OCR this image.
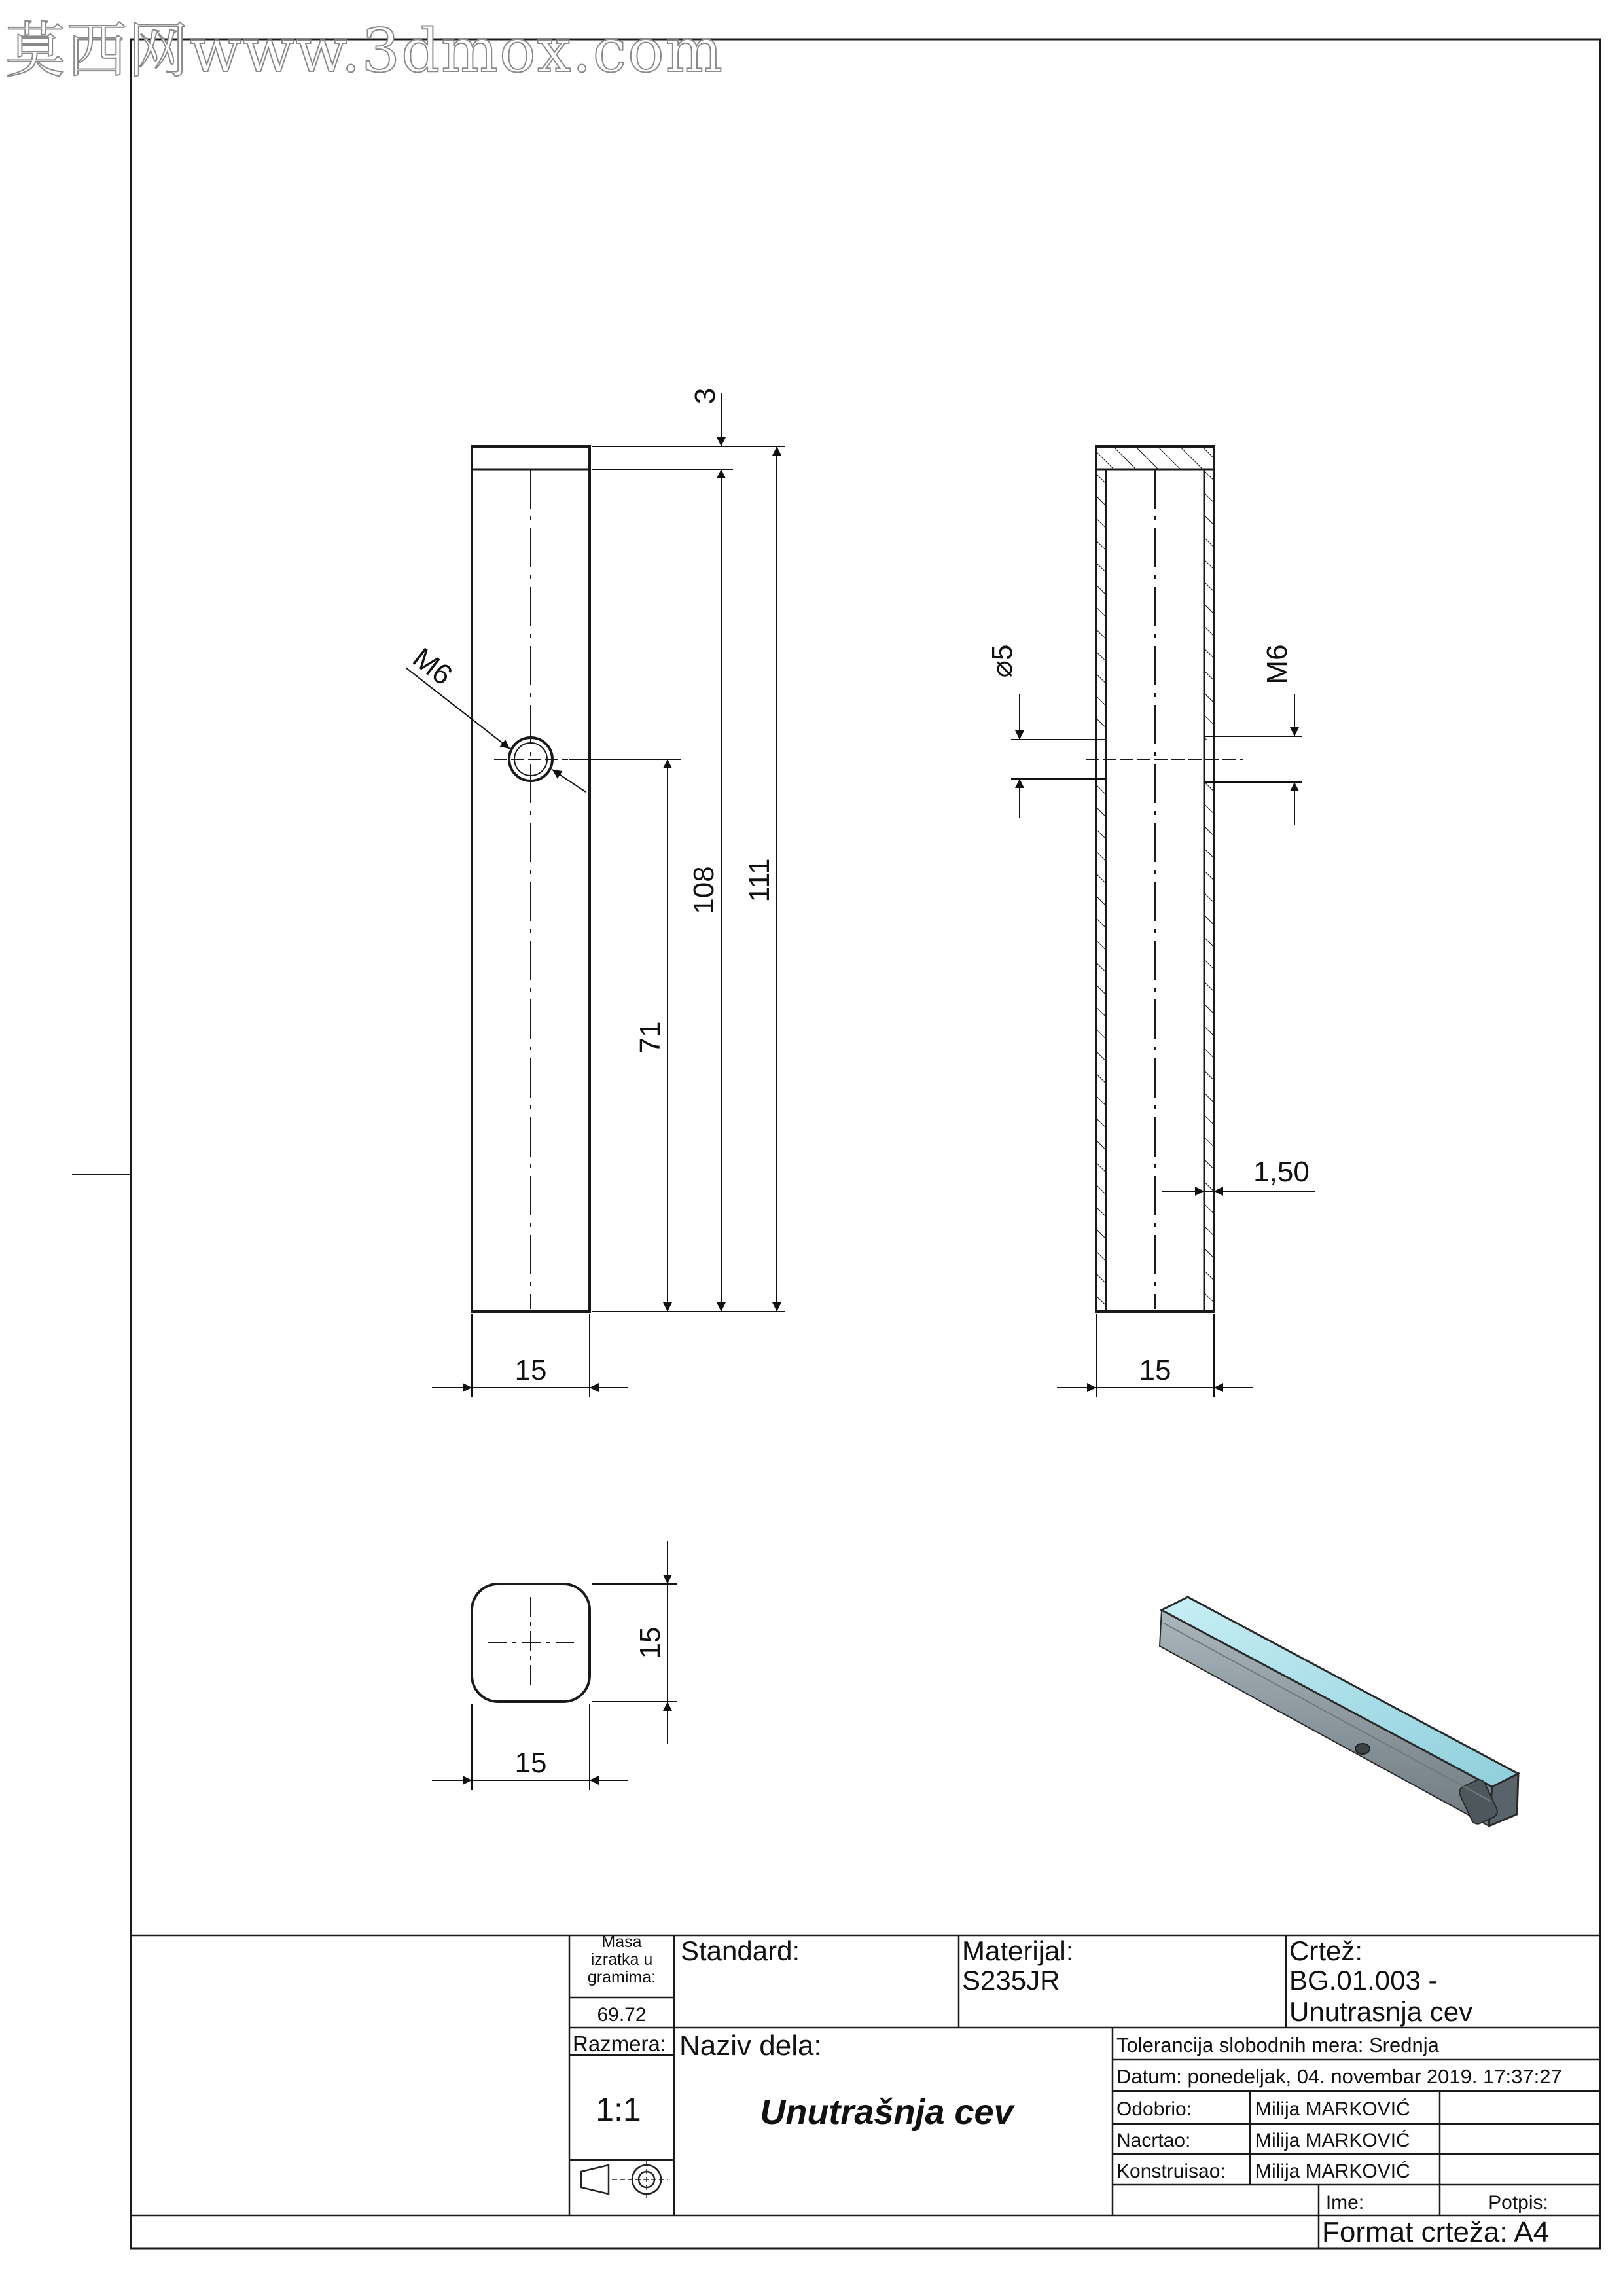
3
108 111
71
15
M6	⌀5	M6
1,50
15
15
15
Masa izratka u gramima:
69.72
Standard:	Materijal:
S235JR
Crtež:
BG.01.003 -
Unutrasnja cev
Razmera:
1:1
Naziv dela:
Unutrašnja cev
Tolerancija slobodnih mera: Srednja
Datum: ponedeljak, 04. novembar 2019. 17:37:27
Odobrio:	Milija MARKOVIĆ
Nacrtao:	Milija MARKOVIĆ
Konstruisao: Milija MARKOVIĆ
Ime:	Potpis:
Format crteža: A4
莫西网www.3dmox.com
